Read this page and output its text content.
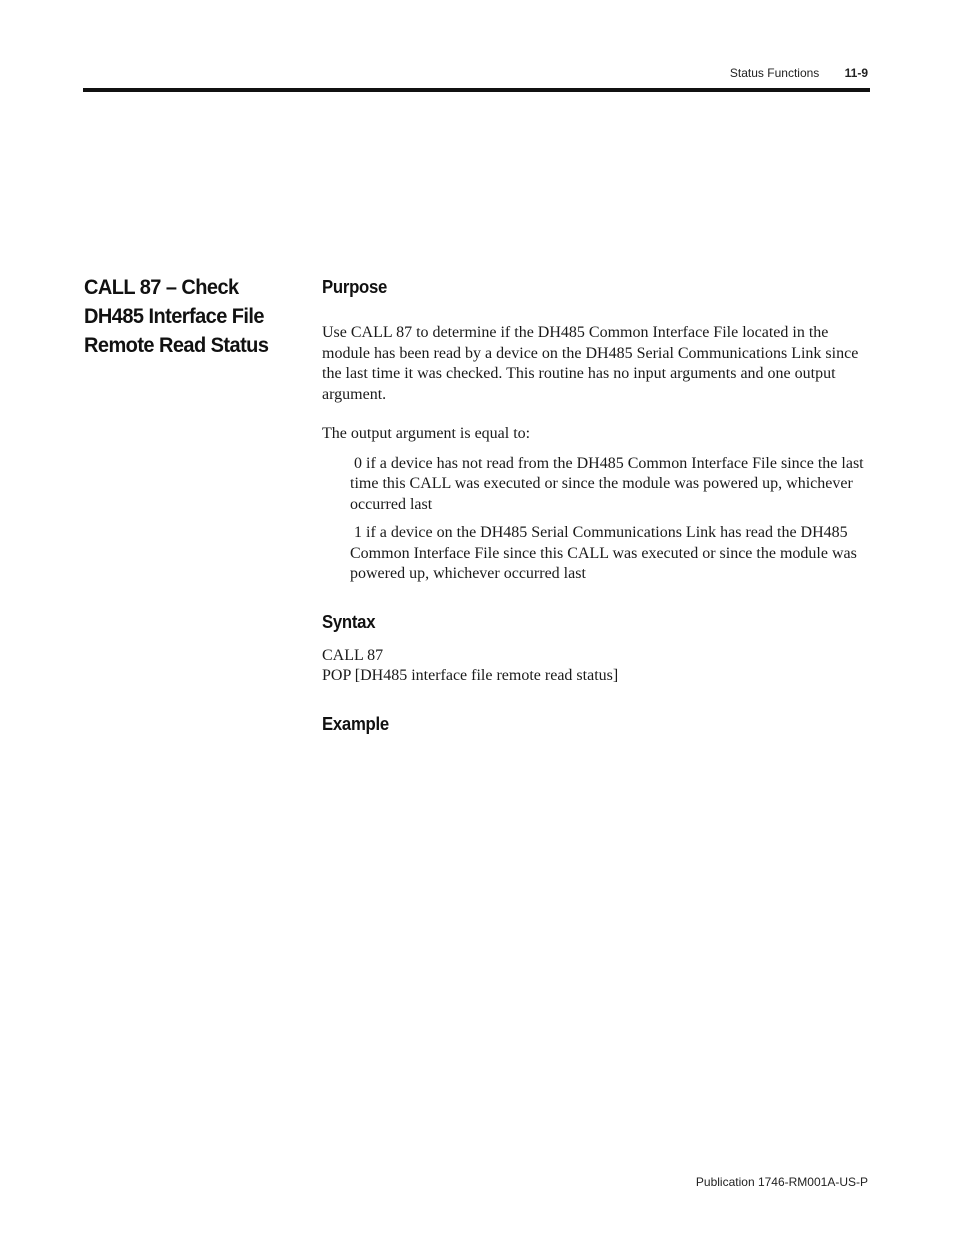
Status Functions 11-9
CALL 87 – Check DH485 Interface File Remote Read Status
Purpose

Use CALL 87 to determine if the DH485 Common Interface File located in the module has been read by a device on the DH485 Serial Communications Link since the last time it was checked. This routine has no input arguments and one output argument.

The output argument is equal to:

0 if a device has not read from the DH485 Common Interface File since the last time this CALL was executed or since the module was powered up, whichever occurred last

1 if a device on the DH485 Serial Communications Link has read the DH485 Common Interface File since this CALL was executed or since the module was powered up, whichever occurred last

Syntax

CALL 87

POP [DH485 interface file remote read status]

Example
Publication 1746-RM001A-US-P
